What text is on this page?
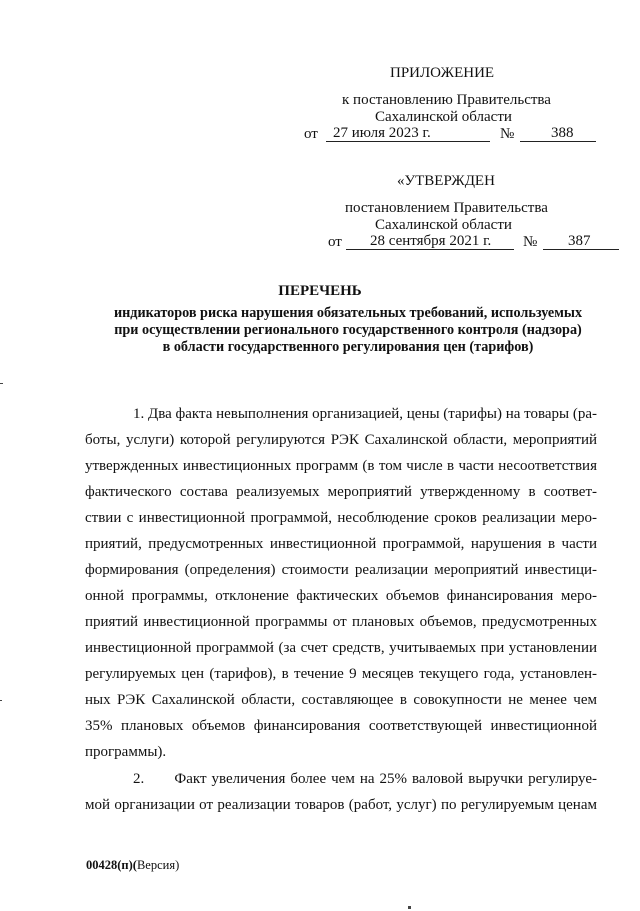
ПРИЛОЖЕНИЕ
к постановлению Правительства
Сахалинской области
от 27 июля 2023 г.	№ 388
«УТВЕРЖДЕН
постановлением Правительства
Сахалинской области
от 28 сентября 2021 г. № 387
ПЕРЕЧЕНЬ
индикаторов риска нарушения обязательных требований, используемых
при осуществлении регионального государственного контроля (надзора)
в области государственного регулирования цен (тарифов)
1. Два факта невыполнения организацией, цены (тарифы) на товары (ра-
боты, услуги) которой регулируются РЭК Сахалинской области, мероприятий
утвержденных инвестиционных программ (в том числе в части несоответствия
фактического состава реализуемых мероприятий утвержденному в соответ-
ствии с инвестиционной программой, несоблюдение сроков реализации меро-
приятий, предусмотренных инвестиционной программой, нарушения в части
формирования (определения) стоимости реализации мероприятий инвестици-
онной программы, отклонение фактических объемов финансирования меро-
приятий инвестиционной программы от плановых объемов, предусмотренных
инвестиционной программой (за счет средств, учитываемых при установлении
регулируемых цен (тарифов), в течение 9 месяцев текущего года, установлен-
ных РЭК Сахалинской области, составляющее в совокупности не менее чем
35% плановых объемов финансирования соответствующей инвестиционной
программы).
2.      Факт увеличения более чем на 25% валовой выручки регулируе-
мой организации от реализации товаров (работ, услуг) по регулируемым ценам
00428(п)(Версия)
